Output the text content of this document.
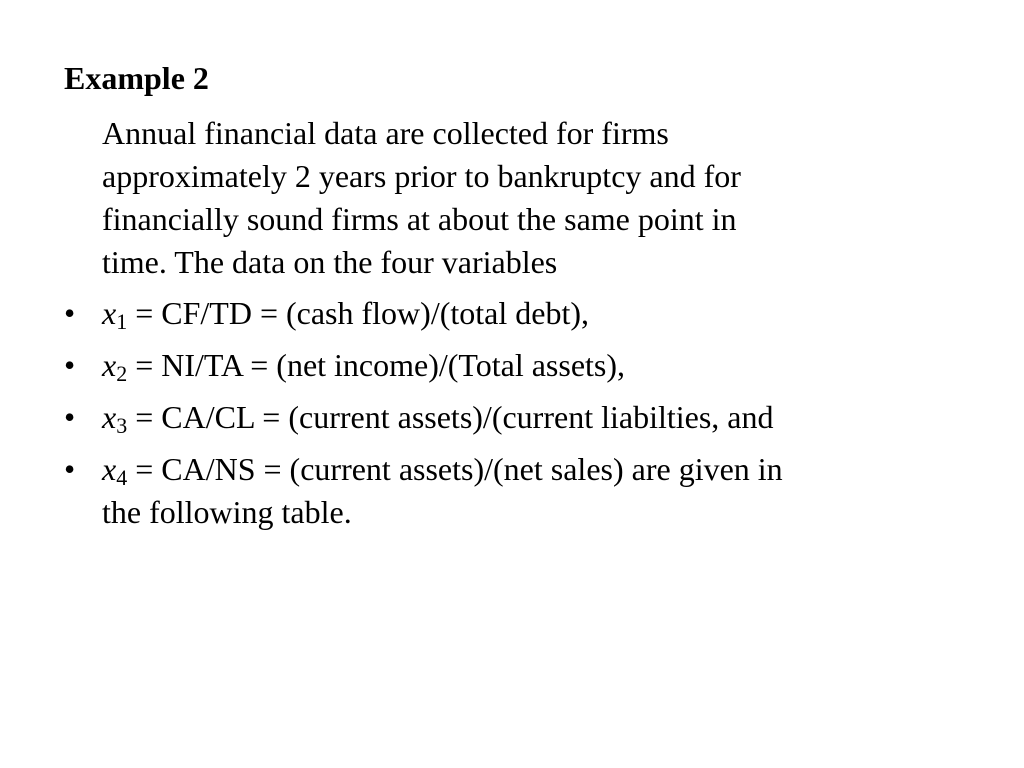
Example 2
Annual financial data are collected for firms
approximately 2 years prior to bankruptcy and for
financially sound firms at about the same point in
time. The data on the four variables
• $x_1 = CF/TD$ = (cash flow)/(total debt),
• $x_2 = NI/TA = (net$ income)/(Total assets),
• $x_3 = CA/CL$ = (current assets)/(current liabilties, and
• $x_4 = CA/NS$ = (current assets)/(net sales) are given in
the following table.
